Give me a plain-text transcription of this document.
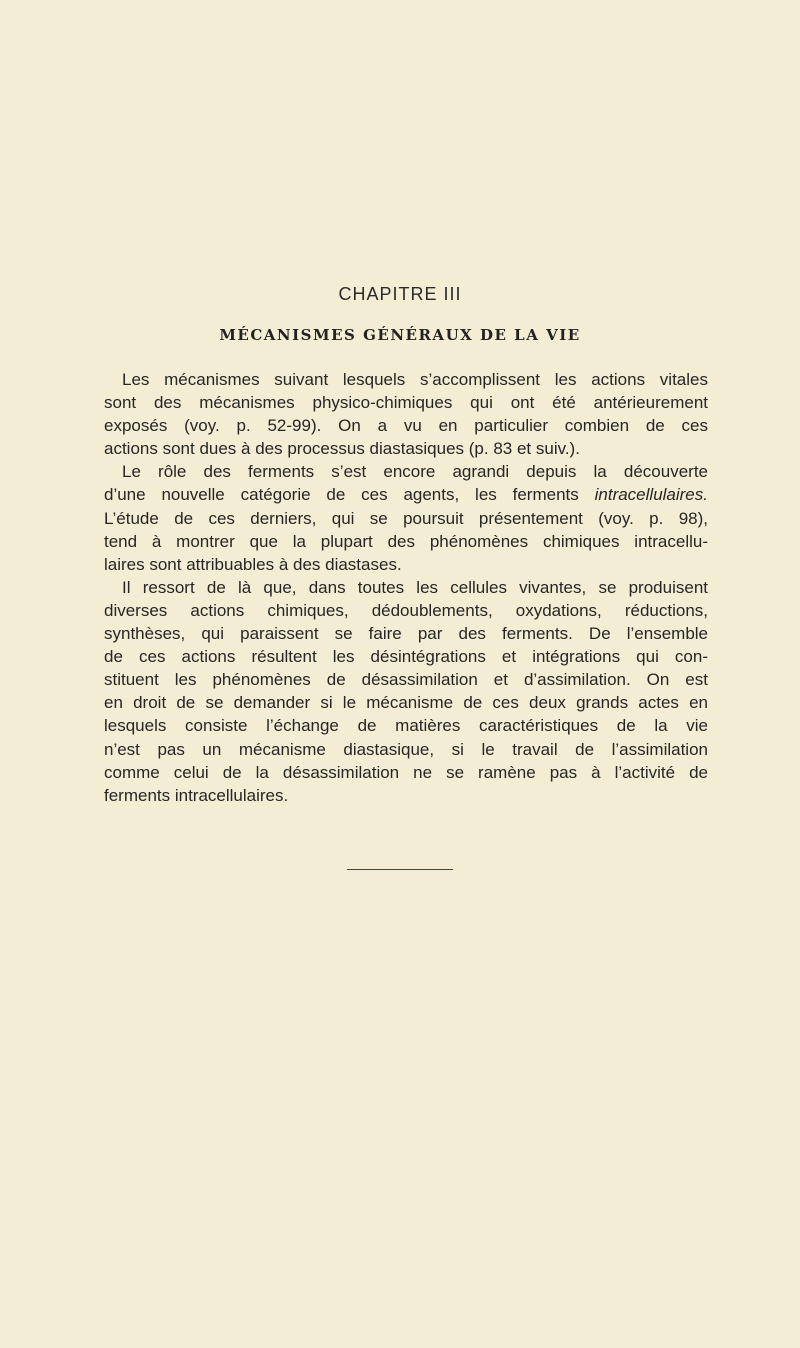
CHAPITRE III
MÉCANISMES GÉNÉRAUX DE LA VIE
Les mécanismes suivant lesquels s’accomplissent les actions vitales
sont des mécanismes physico-chimiques qui ont été antérieurement
exposés (voy. p. 52-99). On a vu en particulier combien de ces
actions sont dues à des processus diastasiques (p. 83 et suiv.).
Le rôle des ferments s’est encore agrandi depuis la découverte
d’une nouvelle catégorie de ces agents, les ferments intracellulaires.
L’étude de ces derniers, qui se poursuit présentement (voy. p. 98),
tend à montrer que la plupart des phénomènes chimiques intracellu-
laires sont attribuables à des diastases.
Il ressort de là que, dans toutes les cellules vivantes, se produisent
diverses actions chimiques, dédoublements, oxydations, réductions,
synthèses, qui paraissent se faire par des ferments. De l’ensemble
de ces actions résultent les désintégrations et intégrations qui con-
stituent les phénomènes de désassimilation et d’assimilation. On est
en droit de se demander si le mécanisme de ces deux grands actes en
lesquels consiste l’échange de matières caractéristiques de la vie
n’est pas un mécanisme diastasique, si le travail de l’assimilation
comme celui de la désassimilation ne se ramène pas à l’activité de
ferments intracellulaires.
